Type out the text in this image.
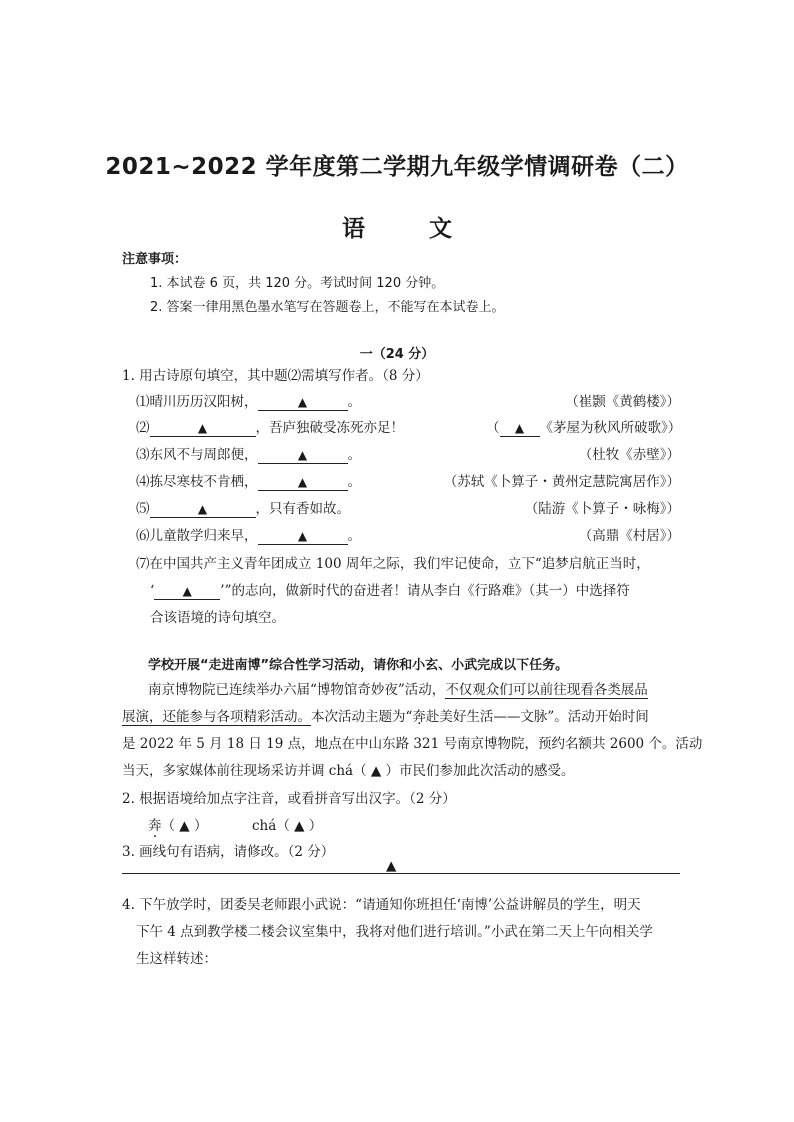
2021~2022 学年度第二学期九年级学情调研卷（二）
语 文
注意事项：
1. 本试卷 6 页，共 120 分。考试时间 120 分钟。
2. 答案一律用黑色墨水笔写在答题卷上，不能写在本试卷上。
一（24 分）
1. 用古诗原句填空，其中题⑵需填写作者。（8 分）
⑴晴川历历汉阳树，	▲	。	（崔颢《黄鹤楼》）
⑵	▲	，吾庐独破受冻死亦足！	（ ▲ 《茅屋为秋风所破歌》）
⑶东风不与周郎便，	▲	。	（杜牧《赤壁》）
⑷拣尽寒枝不肯栖，	▲	。	（苏轼《卜算子・黄州定慧院寓居作》）
⑸	▲	，只有香如故。	（陆游《卜算子・咏梅》）
⑹儿童散学归来早，	▲	。	（高鼎《村居》）
⑺在中国共产主义青年团成立 100 周年之际，我们牢记使命，立下“追梦启航正当时，
‘ ▲ ’”的志向，做新时代的奋进者！请从李白《行路难》（其一）中选择符
合该语境的诗句填空。
学校开展“走进南博”综合性学习活动，请你和小玄、小武完成以下任务。
南京博物院已连续举办六届“博物馆奇妙夜”活动，不仅观众们可以前往现看各类展品
展演，还能参与各项精彩活动。本次活动主题为“奔赴美好生活——文脉”。活动开始时间
是 2022 年 5 月 18 日 19 点，地点在中山东路 321 号南京博物院，预约名额共 2600 个。活动
当天，多家媒体前往现场采访并调 chá（ ▲ ）市民们参加此次活动的感受。
2. 根据语境给加点字注音，或看拼音写出汉字。（2 分）
奔（ ▲ ）	chá（ ▲ ）
3. 画线句有语病，请修改。（2 分）
▲
4. 下午放学时，团委吴老师跟小武说：“请通知你班担任‘南博’公益讲解员的学生，明天
下午 4 点到教学楼二楼会议室集中，我将对他们进行培训。”小武在第二天上午向相关学
生这样转述：
